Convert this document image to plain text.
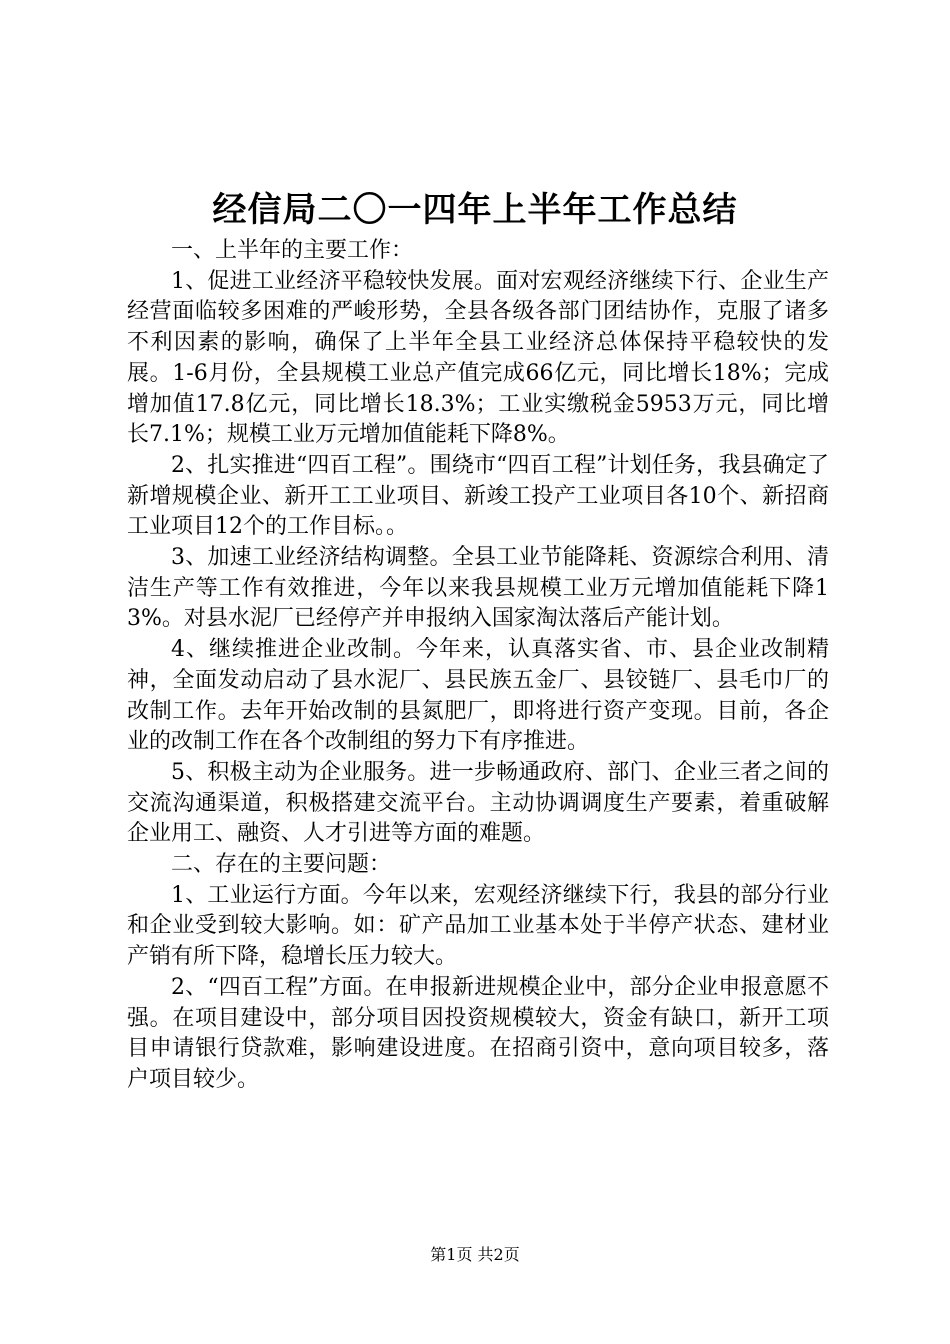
经信局二〇一四年上半年工作总结

一、上半年的主要工作：

1、促进工业经济平稳较快发展。面对宏观经济继续下行、企业生产经营面临较多困难的严峻形势，全县各级各部门团结协作，克服了诸多不利因素的影响，确保了上半年全县工业经济总体保持平稳较快的发展。1-6月份，全县规模工业总产值完成66亿元，同比增长18%；完成增加值17.8亿元，同比增长18.3%；工业实缴税金5953万元，同比增长7.1%；规模工业万元增加值能耗下降8%。

2、扎实推进“四百工程”。围绕市“四百工程”计划任务，我县确定了新增规模企业、新开工工业项目、新竣工投产工业项目各10个、新招商工业项目12个的工作目标。。

3、加速工业经济结构调整。全县工业节能降耗、资源综合利用、清洁生产等工作有效推进，今年以来我县规模工业万元增加值能耗下降13%。对县水泥厂已经停产并申报纳入国家淘汰落后产能计划。

4、继续推进企业改制。今年来，认真落实省、市、县企业改制精神，全面发动启动了县水泥厂、县民族五金厂、县铰链厂、县毛巾厂的改制工作。去年开始改制的县氮肥厂，即将进行资产变现。目前，各企业的改制工作在各个改制组的努力下有序推进。

5、积极主动为企业服务。进一步畅通政府、部门、企业三者之间的交流沟通渠道，积极搭建交流平台。主动协调调度生产要素，着重破解企业用工、融资、人才引进等方面的难题。

二、存在的主要问题：

1、工业运行方面。今年以来，宏观经济继续下行，我县的部分行业和企业受到较大影响。如：矿产品加工业基本处于半停产状态、建材业产销有所下降，稳增长压力较大。

2、“四百工程”方面。在申报新进规模企业中，部分企业申报意愿不强。在项目建设中，部分项目因投资规模较大，资金有缺口，新开工项目申请银行贷款难，影响建设进度。在招商引资中，意向项目较多，落户项目较少。

第1页 共2页
